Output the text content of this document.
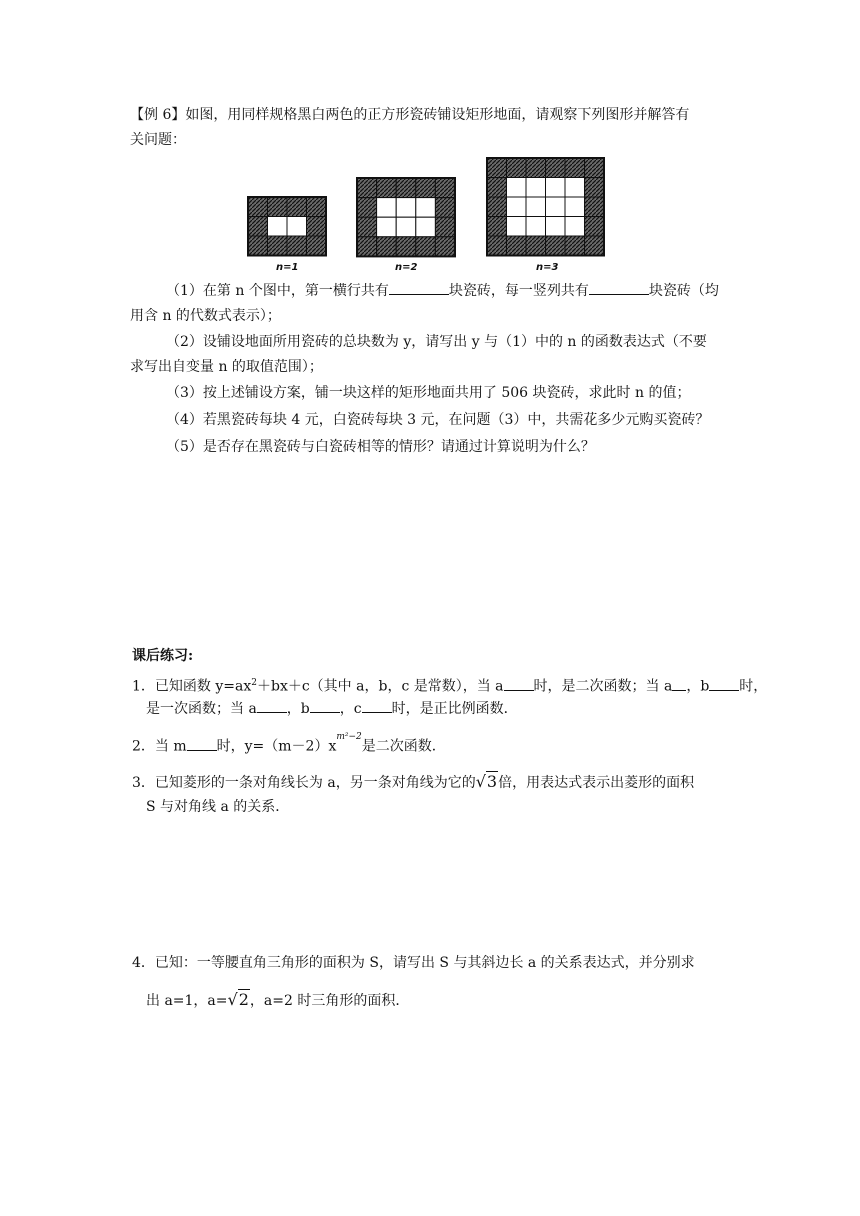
【例 6】如图，用同样规格黑白两色的正方形瓷砖铺设矩形地面，请观察下列图形并解答有
关问题：
n=1	n=2	n=3
（1）在第 n 个图中，第一横行共有	块瓷砖，每一竖列共有	块瓷砖（均
用含 n 的代数式表示）；
（2）设铺设地面所用瓷砖的总块数为 y，请写出 y 与（1）中的 n 的函数表达式（不要
求写出自变量 n 的取值范围）；
（3）按上述铺设方案，铺一块这样的矩形地面共用了 506 块瓷砖，求此时 n 的值；
（4）若黑瓷砖每块 4 元，白瓷砖每块 3 元，在问题（3）中，共需花多少元购买瓷砖？
（5）是否存在黑瓷砖与白瓷砖相等的情形？请通过计算说明为什么？
课后练习:
1．已知函数 $y=ax^2+bx+c$（其中 a，b，c 是常数），当 a 时，是二次函数；当 a ，b 时，
是一次函数；当 a ，b ，c 时，是正比例函数．
2．当 m 时，$y=(m-2)x^{m^2-2}$是二次函数．
3．已知菱形的一条对角线长为 a，另一条对角线为它的√3倍，用表达式表示出菱形的面积
S 与对角线 a 的关系．
4．已知：一等腰直角三角形的面积为 S，请写出 S 与其斜边长 a 的关系表达式，并分别求
出 a=1，a=√2，a=2 时三角形的面积．
